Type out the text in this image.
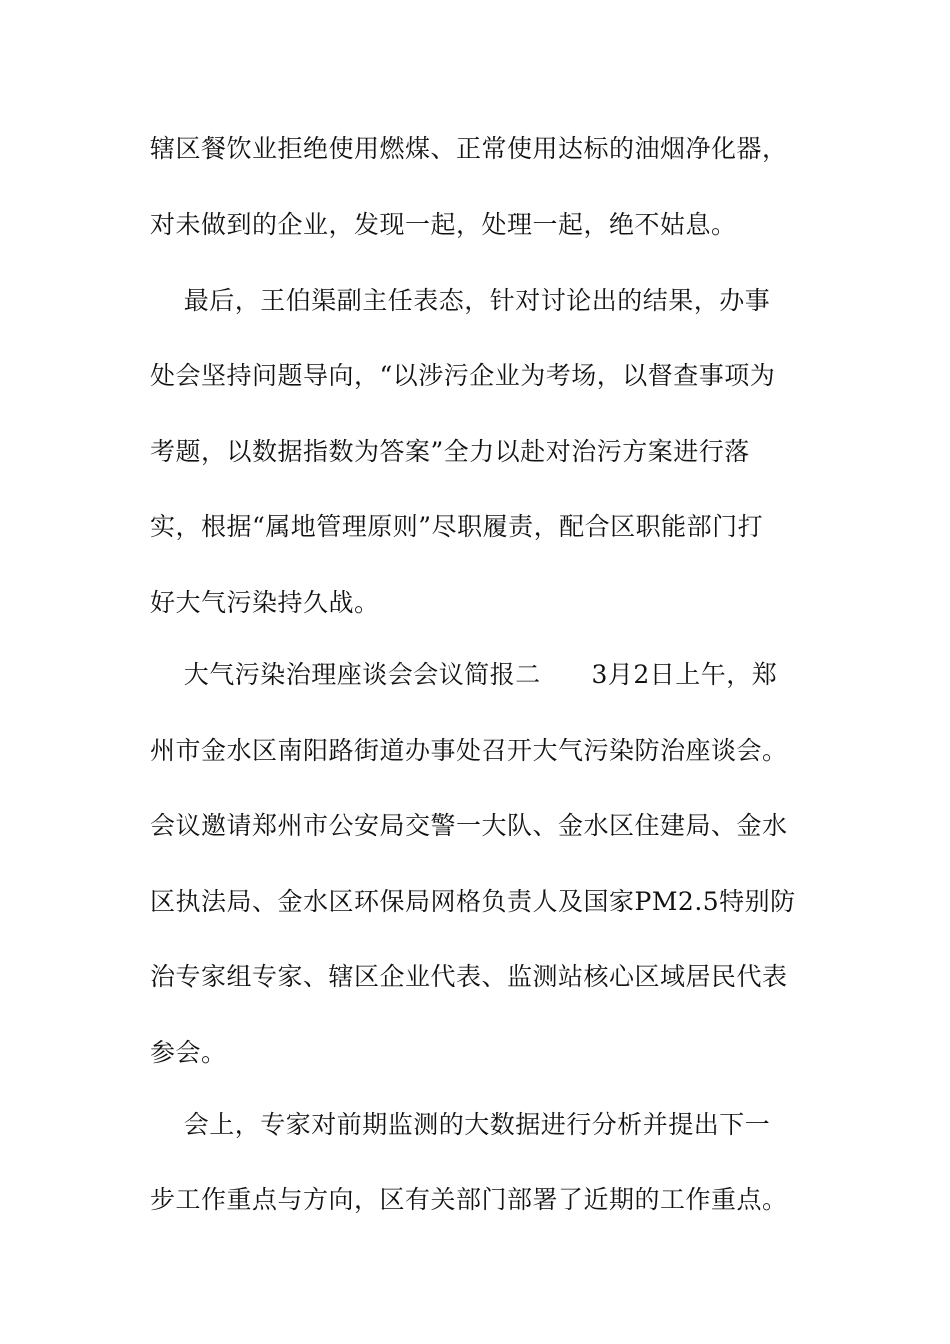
辖区餐饮业拒绝使用燃煤、正常使用达标的油烟净化器，
对未做到的企业，发现一起，处理一起，绝不姑息。
最后，王伯渠副主任表态，针对讨论出的结果，办事
处会坚持问题导向，“以涉污企业为考场，以督查事项为
考题，以数据指数为答案”全力以赴对治污方案进行落
实，根据“属地管理原则”尽职履责，配合区职能部门打
好大气污染持久战。
大气污染治理座谈会会议简报二      3月2日上午，郑
州市金水区南阳路街道办事处召开大气污染防治座谈会。
会议邀请郑州市公安局交警一大队、金水区住建局、金水
区执法局、金水区环保局网格负责人及国家PM2.5特别防
治专家组专家、辖区企业代表、监测站核心区域居民代表
参会。
会上，专家对前期监测的大数据进行分析并提出下一
步工作重点与方向，区有关部门部署了近期的工作重点。
